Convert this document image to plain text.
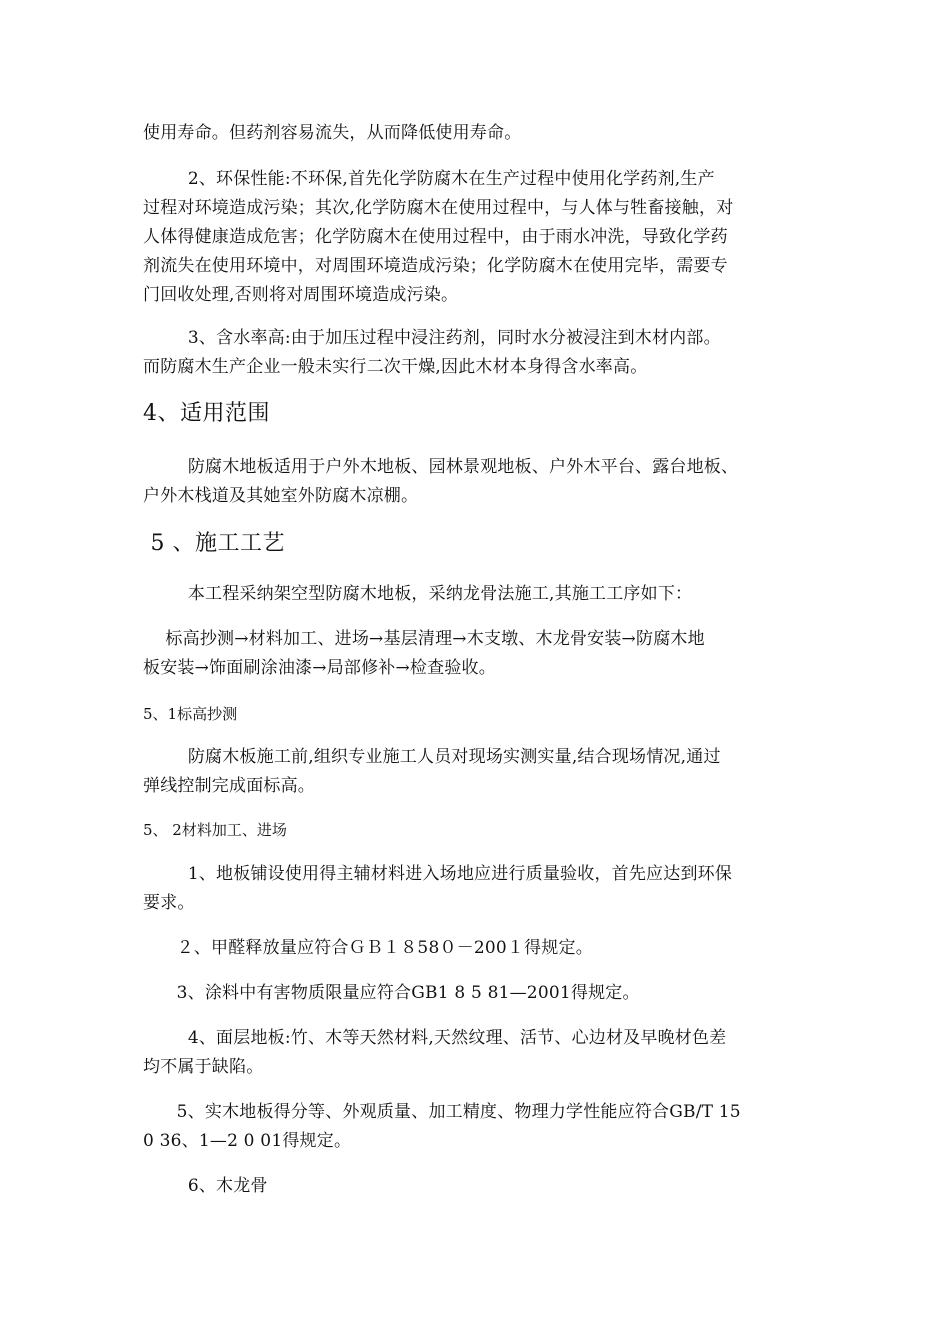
使用寿命。但药剂容易流失，从而降低使用寿命。
2、环保性能:不环保,首先化学防腐木在生产过程中使用化学药剂,生产
过程对环境造成污染；其次,化学防腐木在使用过程中，与人体与牲畜接触，对
人体得健康造成危害；化学防腐木在使用过程中，由于雨水冲洗，导致化学药
剂流失在使用环境中，对周围环境造成污染；化学防腐木在使用完毕，需要专
门回收处理,否则将对周围环境造成污染。
3、含水率高:由于加压过程中浸注药剂，同时水分被浸注到木材内部。
而防腐木生产企业一般未实行二次干燥,因此木材本身得含水率高。
4、适用范围
防腐木地板适用于户外木地板、园林景观地板、户外木平台、露台地板、
户外木栈道及其她室外防腐木凉棚。
5 、施工工艺
本工程采纳架空型防腐木地板，采纳龙骨法施工,其施工工序如下：
标高抄测→材料加工、进场→基层清理→木支墩、木龙骨安装→防腐木地
板安装→饰面刷涂油漆→局部修补→检查验收。
5、1标高抄测
防腐木板施工前,组织专业施工人员对现场实测实量,结合现场情况,通过
弹线控制完成面标高。
5、 2材料加工、进场
1、地板铺设使用得主辅材料进入场地应进行质量验收，首先应达到环保
要求。
２、甲醛释放量应符合ＧＢ１８58０－200１得规定。
3、涂料中有害物质限量应符合GB1 8 5 81—2001得规定。
4、面层地板:竹、木等天然材料,天然纹理、活节、心边材及早晚材色差
均不属于缺陷。
5、实木地板得分等、外观质量、加工精度、物理力学性能应符合GB/T 15
0 36、1—2 0 01得规定。
6、木龙骨
